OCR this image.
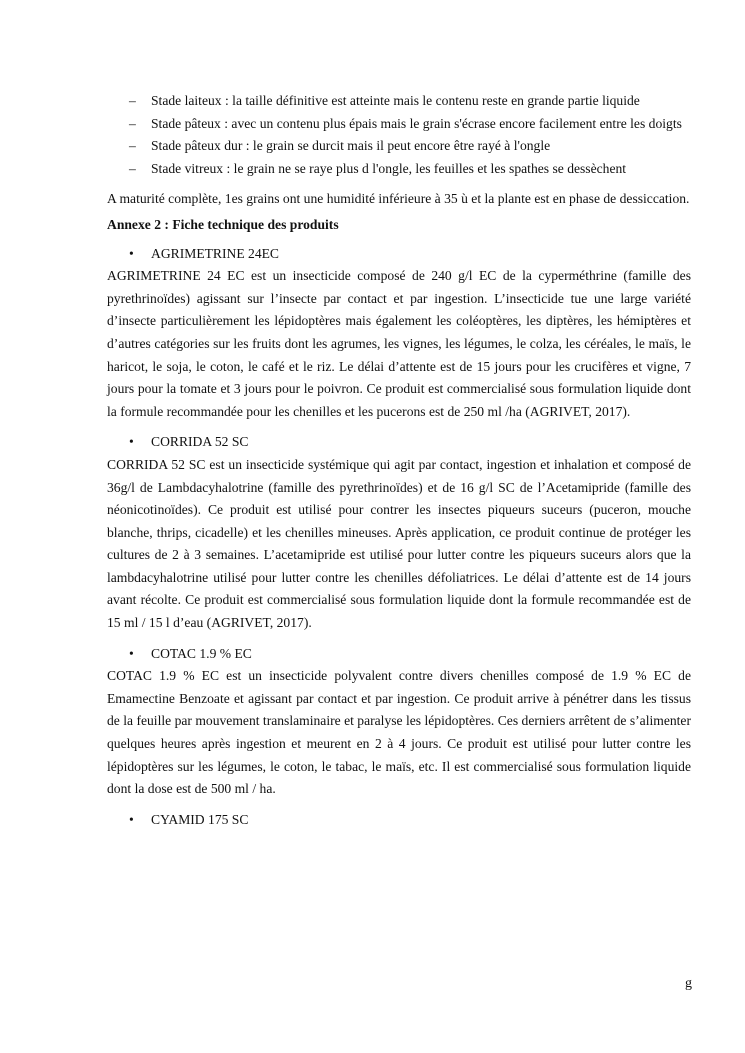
– Stade laiteux : la taille définitive est atteinte mais le contenu reste en grande partie liquide
– Stade pâteux : avec un contenu plus épais mais le grain s'écrase encore facilement entre les doigts
– Stade pâteux dur : le grain se durcit mais il peut encore être rayé à l'ongle
– Stade vitreux : le grain ne se raye plus d l'ongle, les feuilles et les spathes se dessèchent

A maturité complète, 1es grains ont une humidité inférieure à 35 ù et la plante est en phase de dessiccation.

Annexe 2 : Fiche technique des produits

• AGRIMETRINE 24EC

AGRIMETRINE 24 EC est un insecticide composé de 240 g/l EC de la cyperméthrine (famille des pyrethrinoïdes) agissant sur l’insecte par contact et par ingestion. L’insecticide tue une large variété d’insecte particulièrement les lépidoptères mais également les coléoptères, les diptères, les hémiptères et d’autres catégories sur les fruits dont les agrumes, les vignes, les légumes, le colza, les céréales, le maïs, le haricot, le soja, le coton, le café et le riz. Le délai d’attente est de 15 jours pour les crucifères et vigne, 7 jours pour la tomate et 3 jours pour le poivron. Ce produit est commercialisé sous formulation liquide dont la formule recommandée pour les chenilles et les pucerons est de 250 ml /ha (AGRIVET, 2017).

• CORRIDA 52 SC

CORRIDA 52 SC est un insecticide systémique qui agit par contact, ingestion et inhalation et composé de 36g/l de Lambdacyhalotrine (famille des pyrethrinoïdes) et de 16 g/l SC de l’Acetamipride (famille des néonicotinoïdes). Ce produit est utilisé pour contrer les insectes piqueurs suceurs (puceron, mouche blanche, thrips, cicadelle) et les chenilles mineuses. Après application, ce produit continue de protéger les cultures de 2 à 3 semaines. L’acetamipride est utilisé pour lutter contre les piqueurs suceurs alors que la lambdacyhalotrine utilisé pour lutter contre les chenilles défoliatrices. Le délai d’attente est de 14 jours avant récolte. Ce produit est commercialisé sous formulation liquide dont la formule recommandée est de 15 ml / 15 l d’eau (AGRIVET, 2017).

• COTAC 1.9 % EC

COTAC 1.9 % EC est un insecticide polyvalent contre divers chenilles composé de 1.9 % EC de Emamectine Benzoate et agissant par contact et par ingestion. Ce produit arrive à pénétrer dans les tissus de la feuille par mouvement translaminaire et paralyse les lépidoptères. Ces derniers arrêtent de s’alimenter quelques heures après ingestion et meurent en 2 à 4 jours. Ce produit est utilisé pour lutter contre les lépidoptères sur les légumes, le coton, le tabac, le maïs, etc. Il est commercialisé sous formulation liquide dont la dose est de 500 ml / ha.

• CYAMID 175 SC
g
